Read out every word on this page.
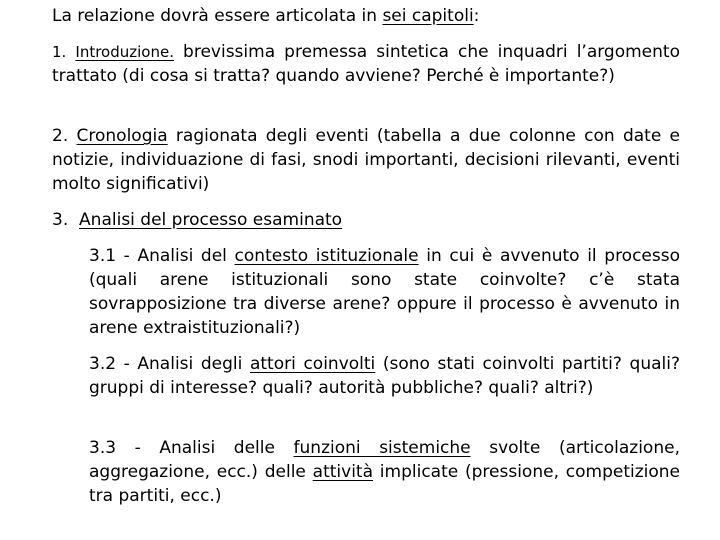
La relazione dovrà essere articolata in sei capitoli:

1. Introduzione. brevissima premessa sintetica che inquadri l’argomento trattato (di cosa si tratta? quando avviene? Perché è importante?)

2. Cronologia ragionata degli eventi (tabella a due colonne con date e notizie, individuazione di fasi, snodi importanti, decisioni rilevanti, eventi molto significativi)

3. Analisi del processo esaminato

3.1 - Analisi del contesto istituzionale in cui è avvenuto il processo (quali arene istituzionali sono state coinvolte? c’è stata sovrapposizione tra diverse arene? oppure il processo è avvenuto in arene extraistituzionali?)

3.2 - Analisi degli attori coinvolti (sono stati coinvolti partiti? quali? gruppi di interesse? quali? autorità pubbliche? quali? altri?)

3.3 - Analisi delle funzioni sistemiche svolte (articolazione, aggregazione, ecc.) delle attività implicate (pressione, competizione tra partiti, ecc.)
